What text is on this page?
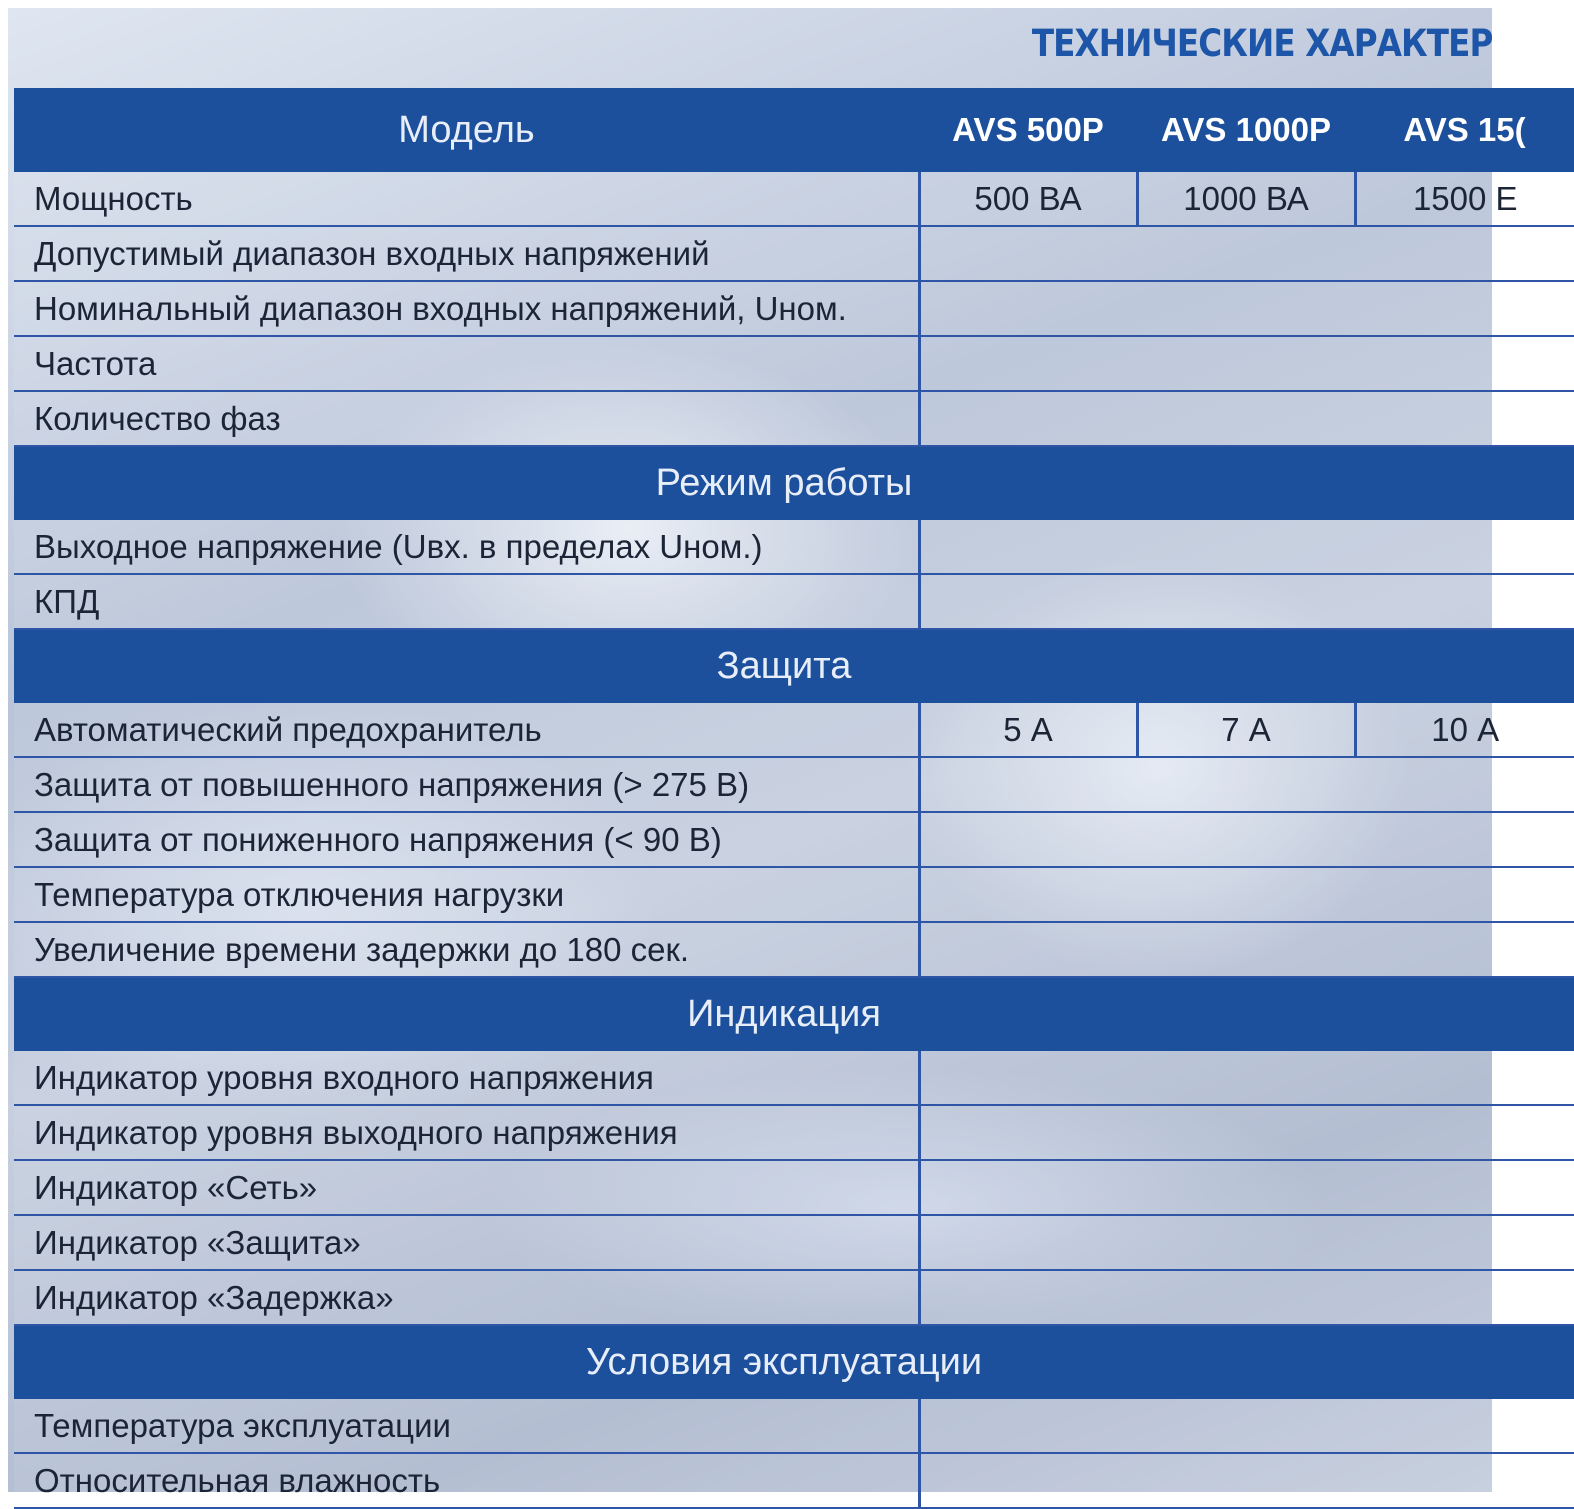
ТЕХНИЧЕСКИЕ ХАРАКТЕР
Модель	AVS 500P	AVS 1000P	AVS 15(
Мощность	500 ВА	1000 ВА	1500 Е
Допустимый диапазон входных напряжений			
Номинальный диапазон входных напряжений, Uном.			
Частота			
Количество фаз			
Режим работы			
Выходное напряжение (Uвх. в пределах Uном.)			
КПД			
Защита			
Автоматический предохранитель	5 А	7 А	10 А
Защита от повышенного напряжения (> 275 В)			
Защита от пониженного напряжения (< 90 В)			
Температура отключения нагрузки			
Увеличение времени задержки до 180 сек.			
Индикация			
Индикатор уровня входного напряжения			
Индикатор уровня выходного напряжения			
Индикатор «Сеть»			
Индикатор «Защита»			
Индикатор «Задержка»			
Условия эксплуатации			
Температура эксплуатации			
Относительная влажность			
